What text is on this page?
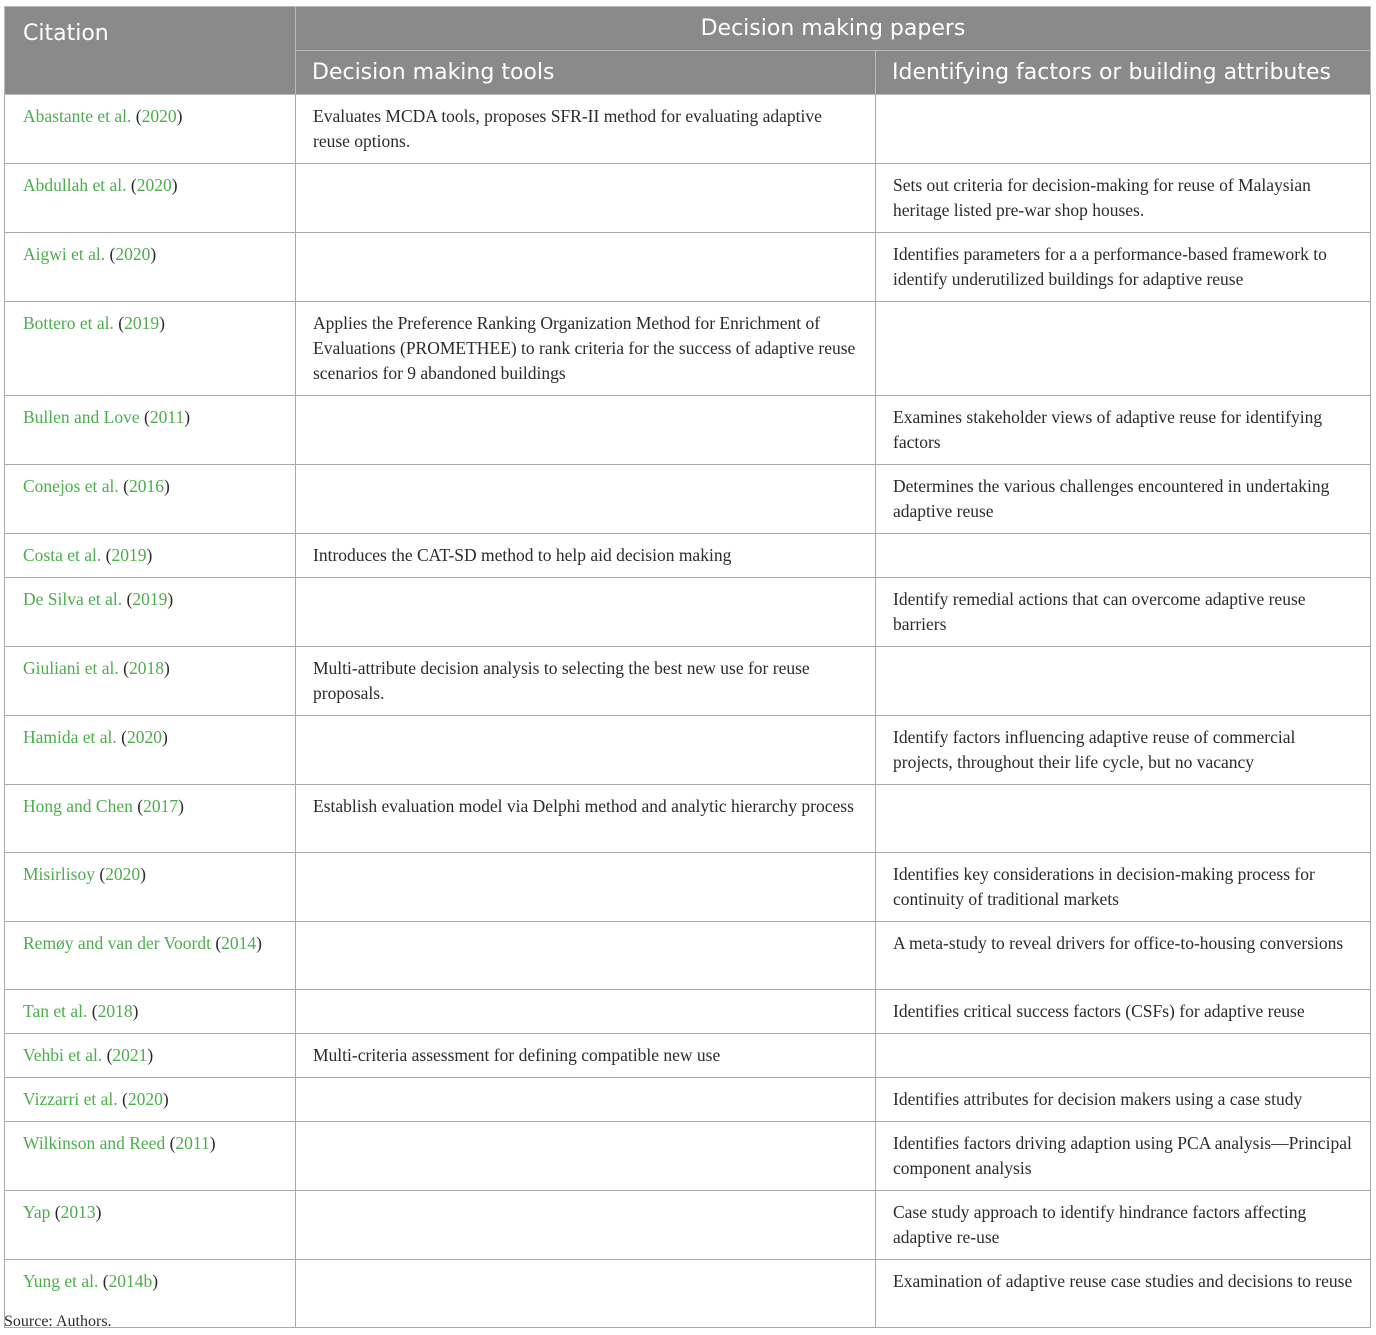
Citation	Decision making papers	
	Decision making tools	Identifying factors or building attributes
Abastante et al. (2020)	Evaluates MCDA tools, proposes SFR-II method for evaluating adaptive reuse options.	
Abdullah et al. (2020)		Sets out criteria for decision-making for reuse of Malaysian heritage listed pre-war shop houses.
Aigwi et al. (2020)		Identifies parameters for a a performance-based framework to identify underutilized buildings for adaptive reuse
Bottero et al. (2019)	Applies the Preference Ranking Organization Method for Enrichment of Evaluations (PROMETHEE) to rank criteria for the success of adaptive reuse scenarios for 9 abandoned buildings	
Bullen and Love (2011)		Examines stakeholder views of adaptive reuse for identifying factors
Conejos et al. (2016)		Determines the various challenges encountered in undertaking adaptive reuse
Costa et al. (2019)	Introduces the CAT-SD method to help aid decision making	
De Silva et al. (2019)		Identify remedial actions that can overcome adaptive reuse barriers
Giuliani et al. (2018)	Multi-attribute decision analysis to selecting the best new use for reuse proposals.	
Hamida et al. (2020)		Identify factors influencing adaptive reuse of commercial projects, throughout their life cycle, but no vacancy
Hong and Chen (2017)	Establish evaluation model via Delphi method and analytic hierarchy process	
Misirlisoy (2020)		Identifies key considerations in decision-making process for continuity of traditional markets
Remøy and van der Voordt (2014)		A meta-study to reveal drivers for office-to-housing conversions
Tan et al. (2018)		Identifies critical success factors (CSFs) for adaptive reuse
Vehbi et al. (2021)	Multi-criteria assessment for defining compatible new use	
Vizzarri et al. (2020)		Identifies attributes for decision makers using a case study
Wilkinson and Reed (2011)		Identifies factors driving adaption using PCA analysis—Principal component analysis
Yap (2013)		Case study approach to identify hindrance factors affecting adaptive re-use
Yung et al. (2014b)		Examination of adaptive reuse case studies and decisions to reuse
Source: Authors.
